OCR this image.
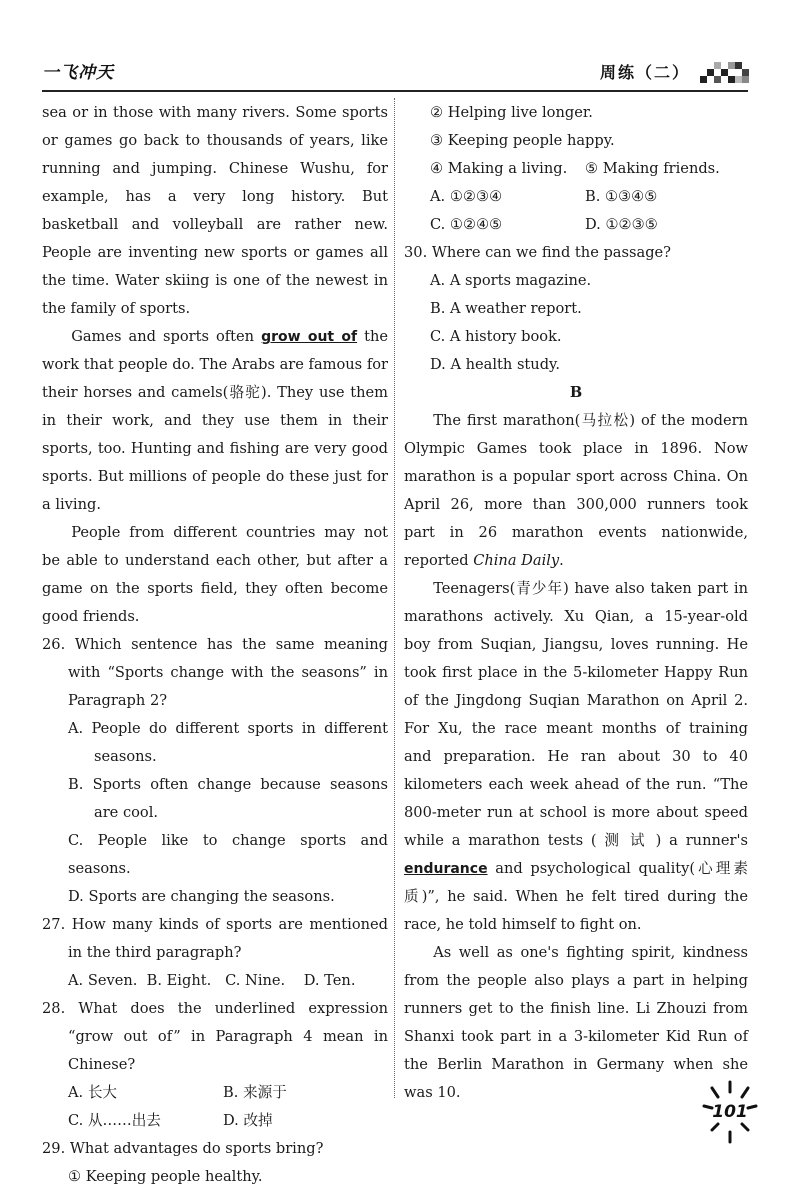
一飞冲天	周练（二）

sea or in those with many rivers. Some sports or games go back to thousands of years, like running and jumping. Chinese Wushu, for example, has a very long history. But basketball and volleyball are rather new. People are inventing new sports or games all the time. Water skiing is one of the newest in the family of sports.

Games and sports often grow out of the work that people do. The Arabs are famous for their horses and camels(骆驼). They use them in their work, and they use them in their sports, too. Hunting and fishing are very good sports. But millions of people do these just for a living.

People from different countries may not be able to understand each other, but after a game on the sports field, they often become good friends.

26. Which sentence has the same meaning with “Sports change with the seasons” in Paragraph 2?

A. People do different sports in different seasons.

B. Sports often change because seasons are cool.

C. People like to change sports and seasons.

D. Sports are changing the seasons.

27. How many kinds of sports are mentioned in the third paragraph?

A. Seven.  B. Eight.   C. Nine.    D. Ten.

28. What does the underlined expression “grow out of” in Paragraph 4 mean in Chinese?

A. 长大	B. 来源于
C. 从……出去	D. 改掉

29. What advantages do sports bring?

① Keeping people healthy.

② Helping live longer.

③ Keeping people happy.

④ Making a living.	⑤ Making friends.
A. ①②③④	B. ①③④⑤
C. ①②④⑤	D. ①②③⑤

30. Where can we find the passage?

A. A sports magazine.

B. A weather report.

C. A history book.

D. A health study.

B

The first marathon(马拉松) of the modern Olympic Games took place in 1896. Now marathon is a popular sport across China. On April 26, more than 300,000 runners took part in 26 marathon events nationwide, reported China Daily.

Teenagers(青少年) have also taken part in marathons actively. Xu Qian, a 15-year-old boy from Suqian, Jiangsu, loves running. He took first place in the 5-kilometer Happy Run of the Jingdong Suqian Marathon on April 2. For Xu, the race meant months of training and preparation. He ran about 30 to 40 kilometers each week ahead of the run. “The 800-meter run at school is more about speed while a marathon tests ( 测 试 ) a runner's endurance and psychological quality(心理素质)”, he said. When he felt tired during the race, he told himself to fight on.

As well as one's fighting spirit, kindness from the people also plays a part in helping runners get to the finish line. Li Zhouzi from Shanxi took part in a 3-kilometer Kid Run of the Berlin Marathon in Germany when she was 10.

101
